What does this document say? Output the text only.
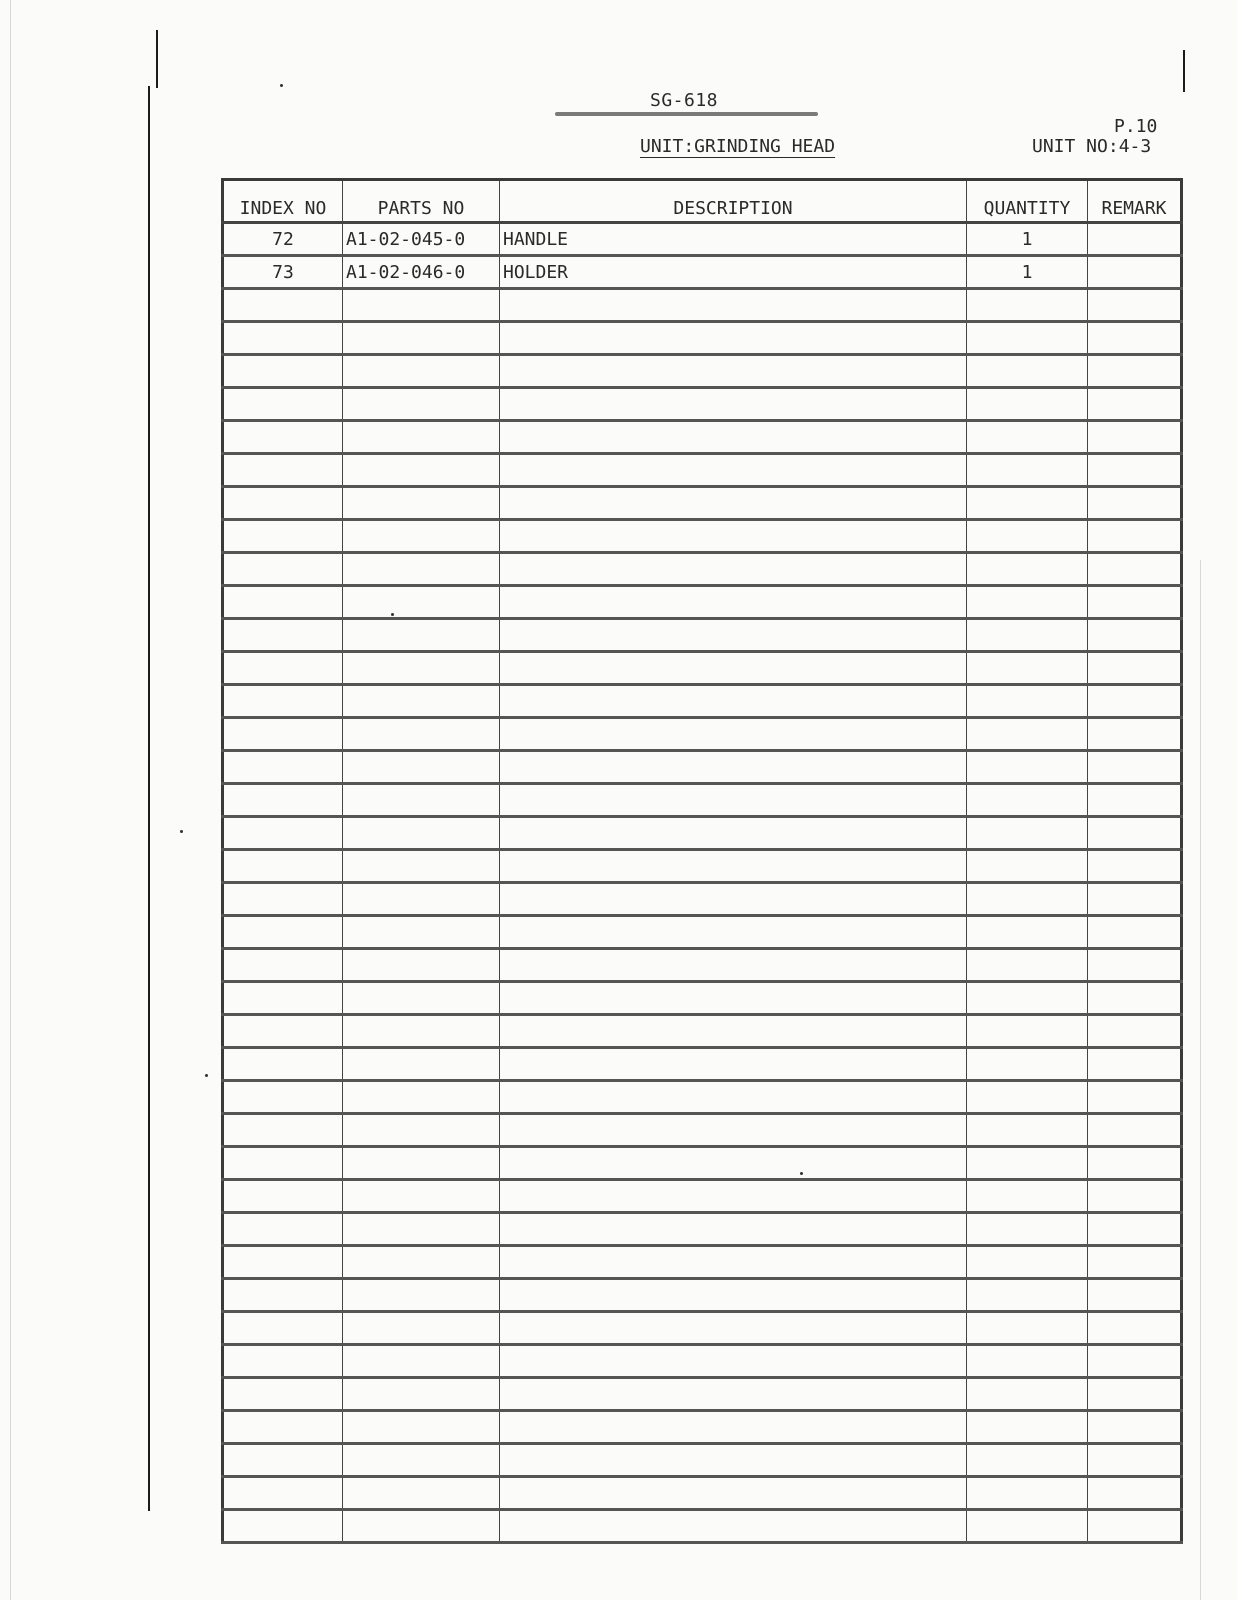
SG-618
UNIT:GRINDING HEAD
P.10
UNIT NO:4-3
INDEX NO	PARTS NO	DESCRIPTION	QUANTITY	REMARK
72	A1-02-045-0	HANDLE	1	
73	A1-02-046-0	HOLDER	1	
